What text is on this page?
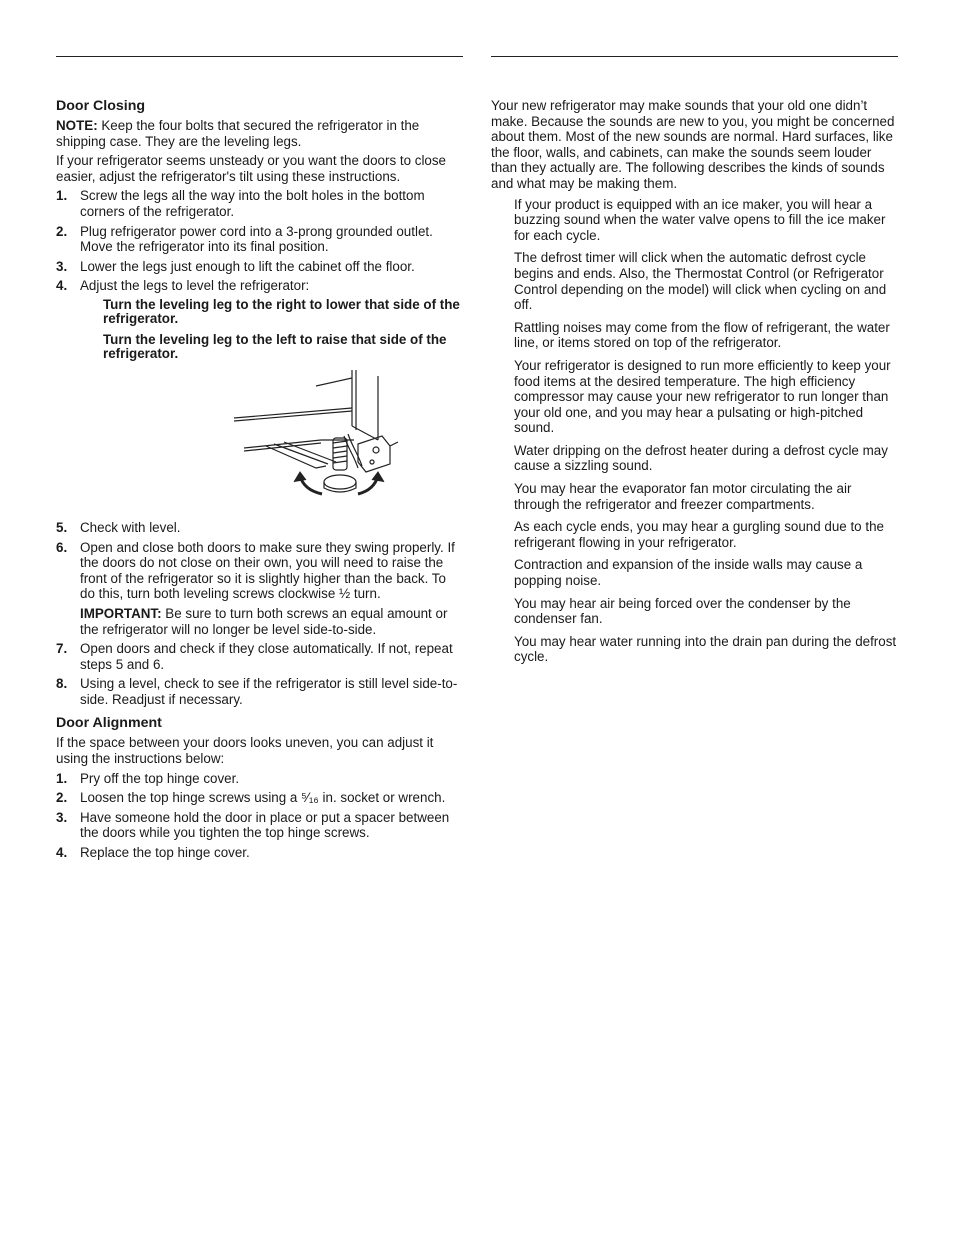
Door Closing
NOTE: Keep the four bolts that secured the refrigerator in the shipping case. They are the leveling legs.
If your refrigerator seems unsteady or you want the doors to close easier, adjust the refrigerator's tilt using these instructions.
1. Screw the legs all the way into the bolt holes in the bottom corners of the refrigerator.
2. Plug refrigerator power cord into a 3-prong grounded outlet. Move the refrigerator into its final position.
3. Lower the legs just enough to lift the cabinet off the floor.
4. Adjust the legs to level the refrigerator:
Turn the leveling leg to the right to lower that side of the refrigerator.
Turn the leveling leg to the left to raise that side of the refrigerator.
5. Check with level.
6. Open and close both doors to make sure they swing properly. If the doors do not close on their own, you will need to raise the front of the refrigerator so it is slightly higher than the back. To do this, turn both leveling screws clockwise ½ turn.
IMPORTANT: Be sure to turn both screws an equal amount or the refrigerator will no longer be level side-to-side.
7. Open doors and check if they close automatically. If not, repeat steps 5 and 6.
8. Using a level, check to see if the refrigerator is still level side-to-side. Readjust if necessary.
Door Alignment
If the space between your doors looks uneven, you can adjust it using the instructions below:
1. Pry off the top hinge cover.
2. Loosen the top hinge screws using a ⁵⁄₁₆ in. socket or wrench.
3. Have someone hold the door in place or put a spacer between the doors while you tighten the top hinge screws.
4. Replace the top hinge cover.
Your new refrigerator may make sounds that your old one didn’t make. Because the sounds are new to you, you might be concerned about them. Most of the new sounds are normal. Hard surfaces, like the floor, walls, and cabinets, can make the sounds seem louder than they actually are. The following describes the kinds of sounds and what may be making them.
If your product is equipped with an ice maker, you will hear a buzzing sound when the water valve opens to fill the ice maker for each cycle.
The defrost timer will click when the automatic defrost cycle begins and ends. Also, the Thermostat Control (or Refrigerator Control depending on the model) will click when cycling on and off.
Rattling noises may come from the flow of refrigerant, the water line, or items stored on top of the refrigerator.
Your refrigerator is designed to run more efficiently to keep your food items at the desired temperature. The high efficiency compressor may cause your new refrigerator to run longer than your old one, and you may hear a pulsating or high-pitched sound.
Water dripping on the defrost heater during a defrost cycle may cause a sizzling sound.
You may hear the evaporator fan motor circulating the air through the refrigerator and freezer compartments.
As each cycle ends, you may hear a gurgling sound due to the refrigerant flowing in your refrigerator.
Contraction and expansion of the inside walls may cause a popping noise.
You may hear air being forced over the condenser by the condenser fan.
You may hear water running into the drain pan during the defrost cycle.
